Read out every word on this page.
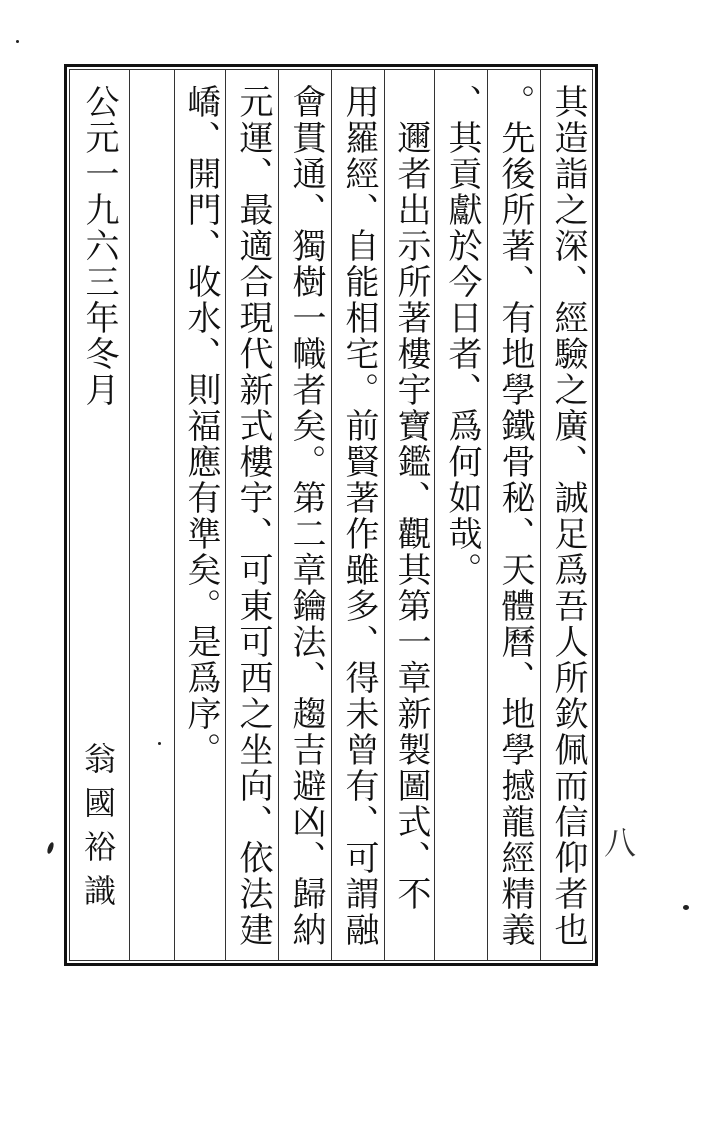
其造詣之深、經驗之廣、誠足爲吾人所欽佩而信仰者也
。先後所著、有地學鐵骨秘、天體曆、地學撼龍經精義
、其貢獻於今日者、爲何如哉。
　邇者出示所著樓宇寶鑑、觀其第一章新製圖式、不
用羅經、自能相宅。前賢著作雖多、得未曾有、可謂融
會貫通、獨樹一幟者矣。第二章鑰法、趨吉避凶、歸納
元運、最適合現代新式樓宇、可東可西之坐向、依法建
嶠、開門、收水、則福應有準矣。是爲序。
公元一九六三年冬月
翁國裕識	八
